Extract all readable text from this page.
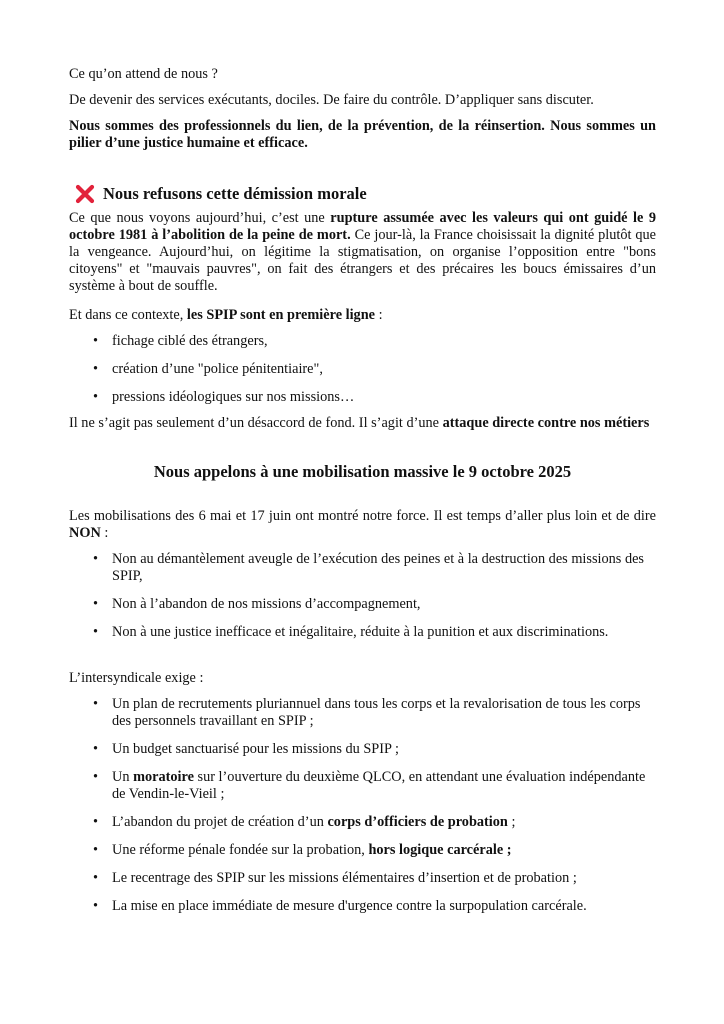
Ce qu’on attend de nous ?

De devenir des services exécutants, dociles. De faire du contrôle. D’appliquer sans discuter.

Nous sommes des professionnels du lien, de la prévention, de la réinsertion. Nous sommes un pilier d’une justice humaine et efficace.

Nous refusons cette démission morale

Ce que nous voyons aujourd’hui, c’est une rupture assumée avec les valeurs qui ont guidé le 9 octobre 1981 à l’abolition de la peine de mort. Ce jour-là, la France choisissait la dignité plutôt que la vengeance. Aujourd’hui, on légitime la stigmatisation, on organise l’opposition entre "bons citoyens" et "mauvais pauvres", on fait des étrangers et des précaires les boucs émissaires d’un système à bout de souffle.

Et dans ce contexte, les SPIP sont en première ligne :

• fichage ciblé des étrangers,
• création d’une "police pénitentiaire",
• pressions idéologiques sur nos missions…

Il ne s’agit pas seulement d’un désaccord de fond. Il s’agit d’une attaque directe contre nos métiers

Nous appelons à une mobilisation massive le 9 octobre 2025

Les mobilisations des 6 mai et 17 juin ont montré notre force. Il est temps d’aller plus loin et de dire NON :

• Non au démantèlement aveugle de l’exécution des peines et à la destruction des missions des SPIP,
• Non à l’abandon de nos missions d’accompagnement,
• Non à une justice inefficace et inégalitaire, réduite à la punition et aux discriminations.

L’intersyndicale exige :

• Un plan de recrutements pluriannuel dans tous les corps et la revalorisation de tous les corps des personnels travaillant en SPIP ;
• Un budget sanctuarisé pour les missions du SPIP ;
• Un moratoire sur l’ouverture du deuxième QLCO, en attendant une évaluation indépendante de Vendin-le-Vieil ;
• L’abandon du projet de création d’un corps d’officiers de probation ;
• Une réforme pénale fondée sur la probation, hors logique carcérale ;
• Le recentrage des SPIP sur les missions élémentaires d’insertion et de probation ;
• La mise en place immédiate de mesure d'urgence contre la surpopulation carcérale.
